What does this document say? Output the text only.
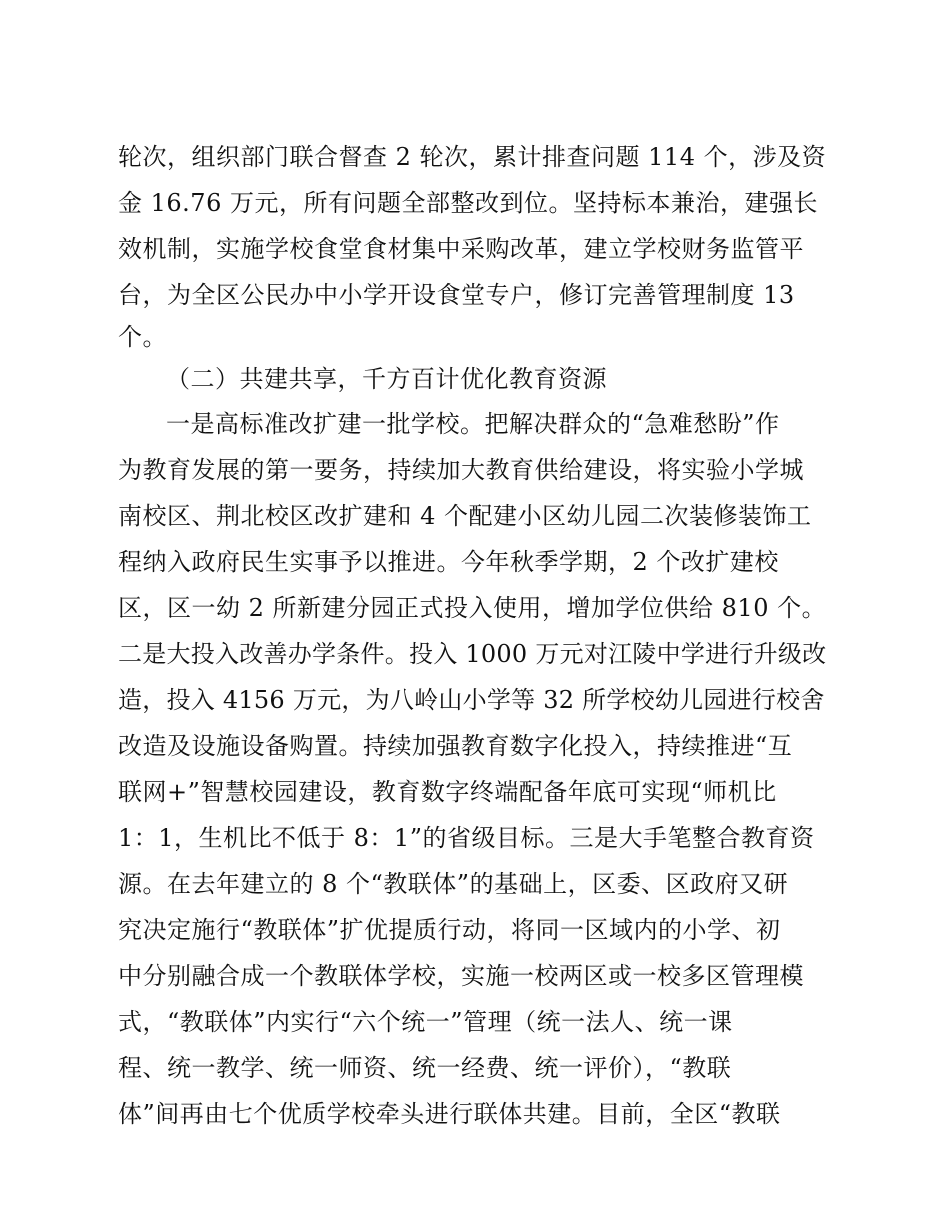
轮次，组织部门联合督查 2 轮次，累计排查问题 114 个，涉及资
金 16.76 万元，所有问题全部整改到位。坚持标本兼治，建强长
效机制，实施学校食堂食材集中采购改革，建立学校财务监管平
台，为全区公民办中小学开设食堂专户，修订完善管理制度 13
个。
（二）共建共享，千方百计优化教育资源
一是高标准改扩建一批学校。把解决群众的“急难愁盼”作
为教育发展的第一要务，持续加大教育供给建设，将实验小学城
南校区、荆北校区改扩建和 4 个配建小区幼儿园二次装修装饰工
程纳入政府民生实事予以推进。今年秋季学期，2 个改扩建校
区，区一幼 2 所新建分园正式投入使用，增加学位供给 810 个。
二是大投入改善办学条件。投入 1000 万元对江陵中学进行升级改
造，投入 4156 万元，为八岭山小学等 32 所学校幼儿园进行校舍
改造及设施设备购置。持续加强教育数字化投入，持续推进“互
联网+”智慧校园建设，教育数字终端配备年底可实现“师机比
1：1，生机比不低于 8：1”的省级目标。三是大手笔整合教育资
源。在去年建立的 8 个“教联体”的基础上，区委、区政府又研
究决定施行“教联体”扩优提质行动，将同一区域内的小学、初
中分别融合成一个教联体学校，实施一校两区或一校多区管理模
式，“教联体”内实行“六个统一”管理（统一法人、统一课
程、统一教学、统一师资、统一经费、统一评价），“教联
体”间再由七个优质学校牵头进行联体共建。目前，全区“教联
